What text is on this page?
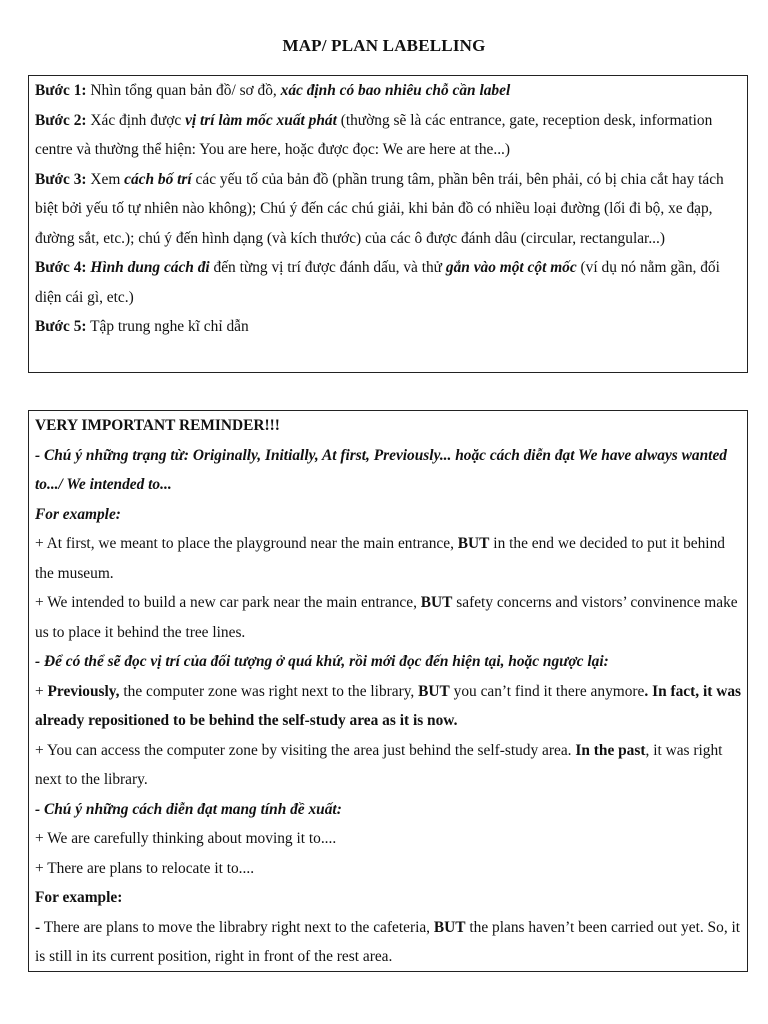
MAP/ PLAN LABELLING

Bước 1: Nhìn tổng quan bản đồ/ sơ đồ, xác định có bao nhiêu chỗ cần label

Bước 2: Xác định được vị trí làm mốc xuất phát (thường sẽ là các entrance, gate, reception desk, information centre và thường thể hiện: You are here, hoặc được đọc: We are here at the...)

Bước 3: Xem cách bố trí các yếu tố của bản đồ (phần trung tâm, phần bên trái, bên phải, có bị chia cắt hay tách biệt bởi yếu tố tự nhiên nào không); Chú ý đến các chú giải, khi bản đồ có nhiều loại đường (lối đi bộ, xe đạp, đường sắt, etc.); chú ý đến hình dạng (và kích thước) của các ô được đánh dâu (circular, rectangular...)

Bước 4: Hình dung cách đi đến từng vị trí được đánh dấu, và thử gắn vào một cột mốc (ví dụ nó nằm gần, đối diện cái gì, etc.)

Bước 5: Tập trung nghe kĩ chỉ dẫn

VERY IMPORTANT REMINDER!!!

- Chú ý những trạng từ: Originally, Initially, At first, Previously... hoặc cách diễn đạt We have always wanted to.../ We intended to...

For example:

+ At first, we meant to place the playground near the main entrance, BUT in the end we decided to put it behind the museum.

+ We intended to build a new car park near the main entrance, BUT safety concerns and vistors’ convinence make us to place it behind the tree lines.

- Để có thể sẽ đọc vị trí của đối tượng ở quá khứ, rồi mới đọc đến hiện tại, hoặc ngược lại:

+ Previously, the computer zone was right next to the library, BUT you can’t find it there anymore. In fact, it was already repositioned to be behind the self-study area as it is now.

+ You can access the computer zone by visiting the area just behind the self-study area. In the past, it was right next to the library.

- Chú ý những cách diễn đạt mang tính đề xuất:

+ We are carefully thinking about moving it to....

+ There are plans to relocate it to....

For example:

- There are plans to move the librabry right next to the cafeteria, BUT the plans haven’t been carried out yet. So, it is still in its current position, right in front of the rest area.
